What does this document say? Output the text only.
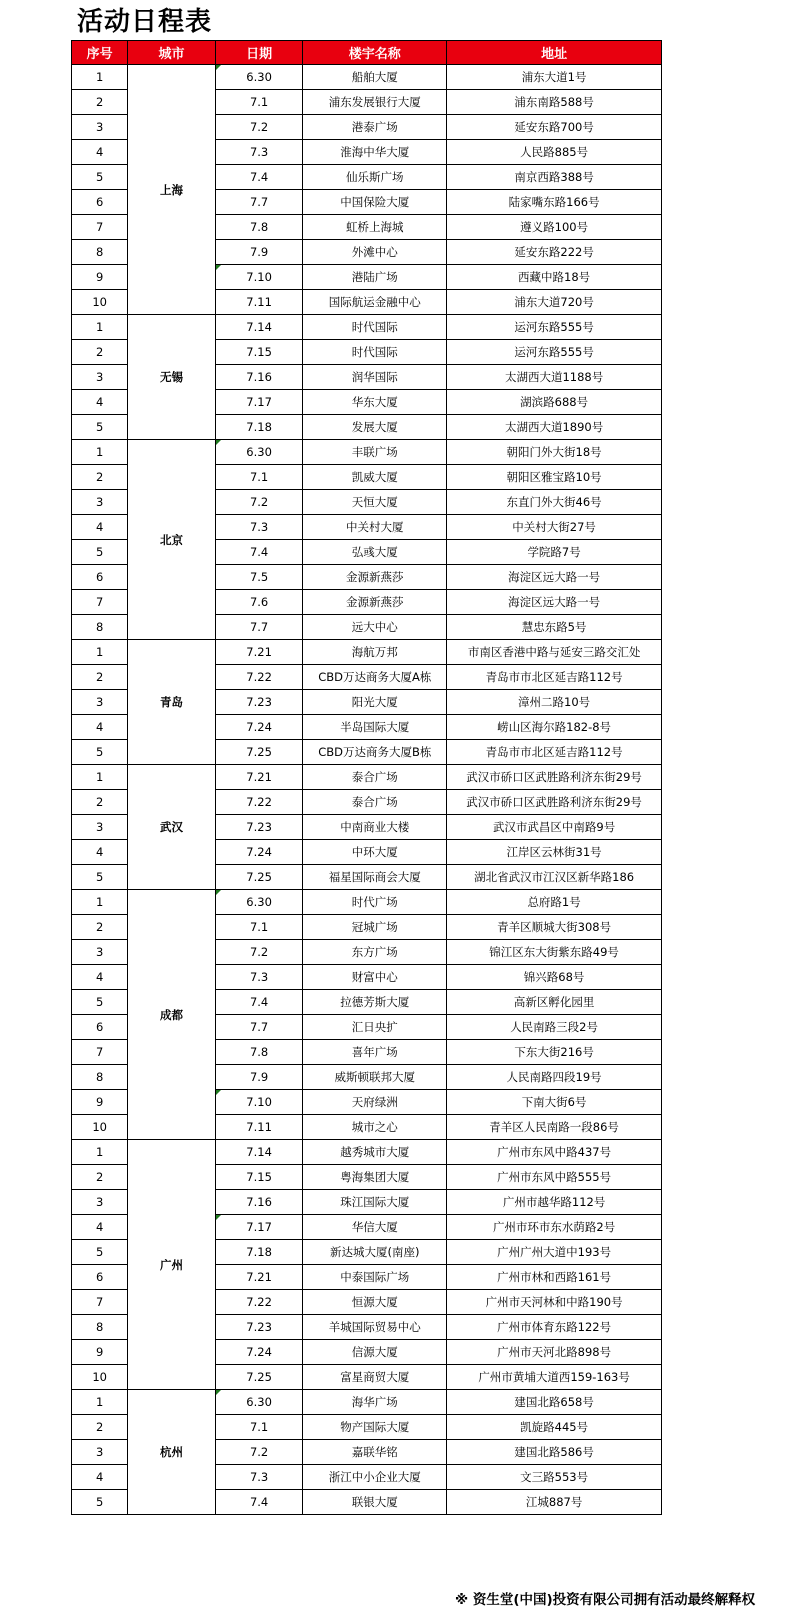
活动日程表
序号	城市	日期	楼宇名称	地址
1	上海	6.30	船舶大厦	浦东大道1号
2		7.1	浦东发展银行大厦	浦东南路588号
3		7.2	港泰广场	延安东路700号
4		7.3	淮海中华大厦	人民路885号
5		7.4	仙乐斯广场	南京西路388号
6		7.7	中国保险大厦	陆家嘴东路166号
7		7.8	虹桥上海城	遵义路100号
8		7.9	外滩中心	延安东路222号
9		7.10	港陆广场	西藏中路18号
10		7.11	国际航运金融中心	浦东大道720号
1	无锡	7.14	时代国际	运河东路555号
2		7.15	时代国际	运河东路555号
3		7.16	润华国际	太湖西大道1188号
4		7.17	华东大厦	湖滨路688号
5		7.18	发展大厦	太湖西大道1890号
1	北京	6.30	丰联广场	朝阳门外大街18号
2		7.1	凯威大厦	朝阳区雅宝路10号
3		7.2	天恒大厦	东直门外大街46号
4		7.3	中关村大厦	中关村大街27号
5		7.4	弘彧大厦	学院路7号
6		7.5	金源新燕莎	海淀区远大路一号
7		7.6	金源新燕莎	海淀区远大路一号
8		7.7	远大中心	慧忠东路5号
1	青岛	7.21	海航万邦	市南区香港中路与延安三路交汇处
2		7.22	CBD万达商务大厦A栋	青岛市市北区延吉路112号
3		7.23	阳光大厦	漳州二路10号
4		7.24	半岛国际大厦	崂山区海尔路182-8号
5		7.25	CBD万达商务大厦B栋	青岛市市北区延吉路112号
1	武汉	7.21	泰合广场	武汉市硚口区武胜路利济东街29号
2		7.22	泰合广场	武汉市硚口区武胜路利济东街29号
3		7.23	中南商业大楼	武汉市武昌区中南路9号
4		7.24	中环大厦	江岸区云林街31号
5		7.25	福星国际商会大厦	湖北省武汉市江汉区新华路186
1	成都	6.30	时代广场	总府路1号
2		7.1	冠城广场	青羊区顺城大街308号
3		7.2	东方广场	锦江区东大街紫东路49号
4		7.3	财富中心	锦兴路68号
5		7.4	拉德芳斯大厦	高新区孵化园里
6		7.7	汇日央扩	人民南路三段2号
7		7.8	喜年广场	下东大街216号
8		7.9	威斯顿联邦大厦	人民南路四段19号
9		7.10	天府绿洲	下南大街6号
10		7.11	城市之心	青羊区人民南路一段86号
1	广州	7.14	越秀城市大厦	广州市东风中路437号
2		7.15	粤海集团大厦	广州市东风中路555号
3		7.16	珠江国际大厦	广州市越华路112号
4		7.17	华信大厦	广州市环市东水荫路2号
5		7.18	新达城大厦(南座)	广州广州大道中193号
6		7.21	中泰国际广场	广州市林和西路161号
7		7.22	恒源大厦	广州市天河林和中路190号
8		7.23	羊城国际贸易中心	广州市体育东路122号
9		7.24	信源大厦	广州市天河北路898号
10		7.25	富星商贸大厦	广州市黄埔大道西159-163号
1	杭州	6.30	海华广场	建国北路658号
2		7.1	物产国际大厦	凯旋路445号
3		7.2	嘉联华铭	建国北路586号
4		7.3	浙江中小企业大厦	文三路553号
5		7.4	联银大厦	江城887号
※ 资生堂(中国)投资有限公司拥有活动最终解释权
